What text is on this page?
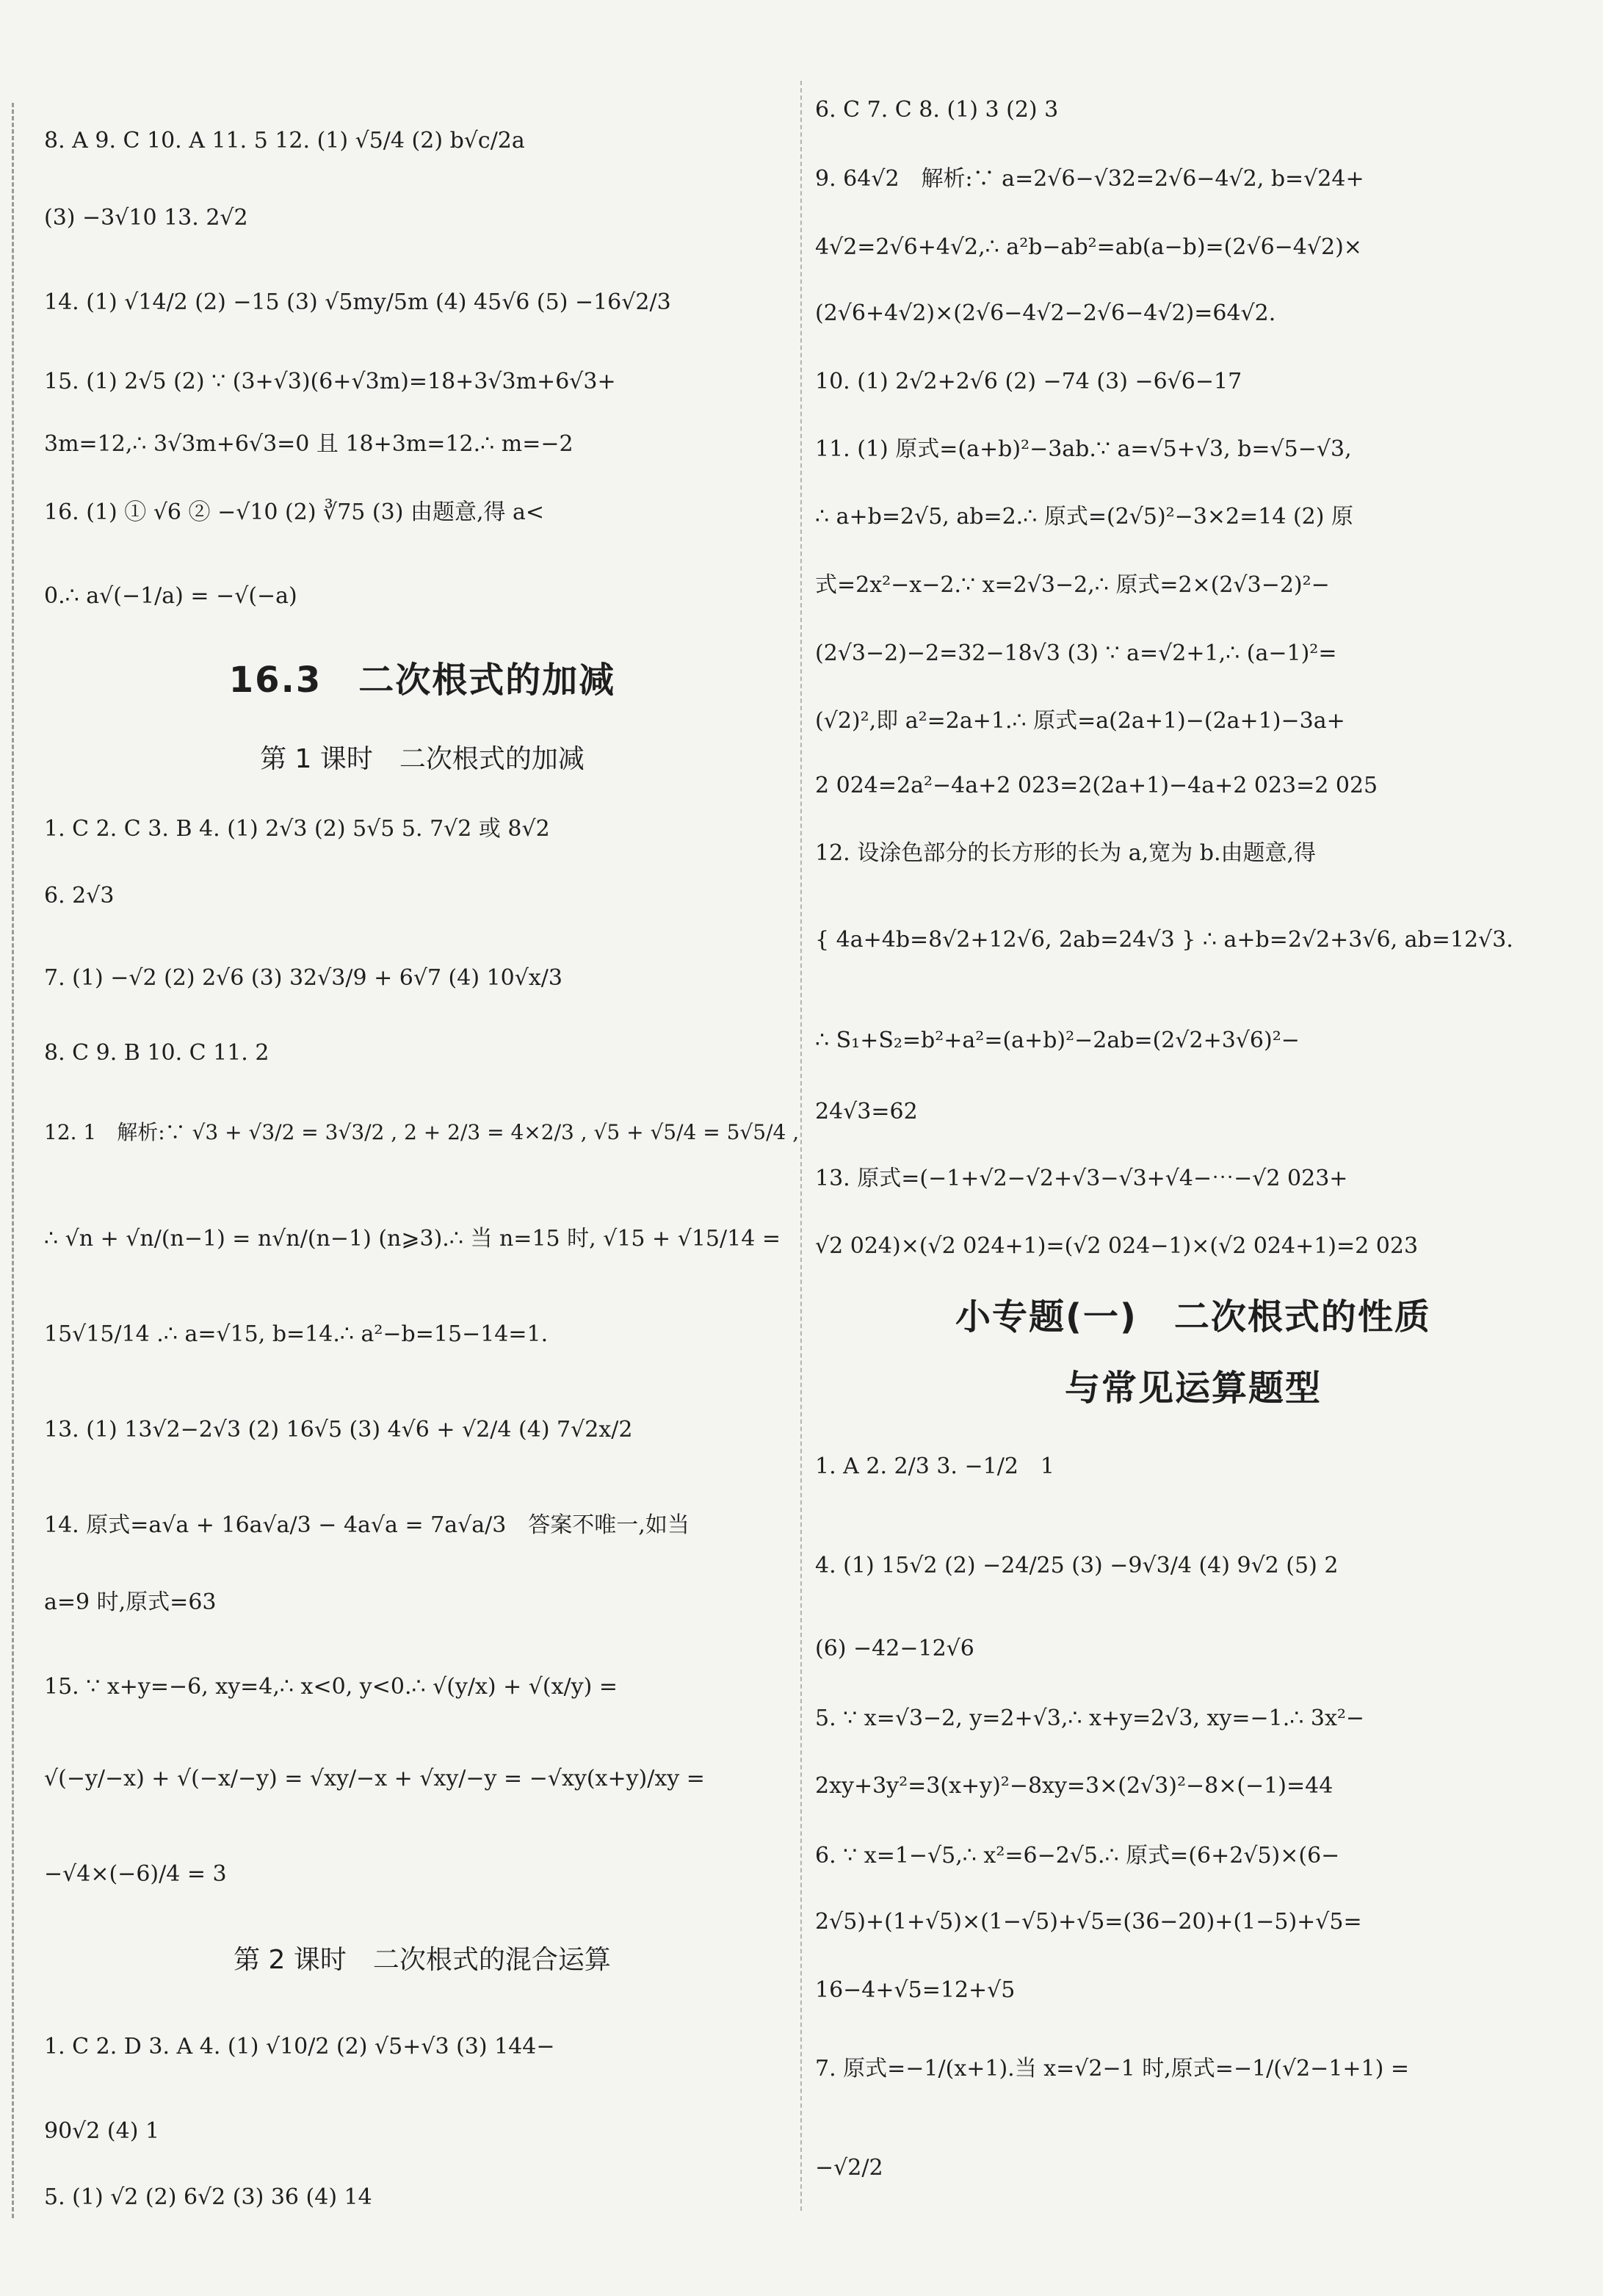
8. A 9. C 10. A 11. 5 12. (1) √5/4 (2) b√c/2a
(3) −3√10 13. 2√2
14. (1) √14/2 (2) −15 (3) √5my/5m (4) 45√6 (5) −16√2/3
15. (1) 2√5 (2) ∵ (3+√3)(6+√3m)=18+3√3m+6√3+
3m=12,∴ 3√3m+6√3=0 且 18+3m=12.∴ m=−2
16. (1) ① √6 ② −√10 (2) ∛75 (3) 由题意,得 a<
0.∴ a√(−1/a) = −√(−a)
16.3　二次根式的加减
第 1 课时　二次根式的加减
1. C 2. C 3. B 4. (1) 2√3 (2) 5√5 5. 7√2 或 8√2
6. 2√3
7. (1) −√2 (2) 2√6 (3) 32√3/9 + 6√7 (4) 10√x/3
8. C 9. B 10. C 11. 2
12. 1　解析:∵ √3 + √3/2 = 3√3/2 , 2 + 2/3 = 4×2/3 , √5 + √5/4 = 5√5/4 ,
∴ √n + √n/(n−1) = n√n/(n−1) (n⩾3).∴ 当 n=15 时, √15 + √15/14 =
15√15/14 .∴ a=√15, b=14.∴ a²−b=15−14=1.
13. (1) 13√2−2√3 (2) 16√5 (3) 4√6 + √2/4 (4) 7√2x/2
14. 原式=a√a + 16a√a/3 − 4a√a = 7a√a/3　答案不唯一,如当
a=9 时,原式=63
15. ∵ x+y=−6, xy=4,∴ x<0, y<0.∴ √(y/x) + √(x/y) =
√(−y/−x) + √(−x/−y) = √xy/−x + √xy/−y = −√xy(x+y)/xy =
−√4×(−6)/4 = 3
第 2 课时　二次根式的混合运算
1. C 2. D 3. A 4. (1) √10/2 (2) √5+√3 (3) 144−
90√2 (4) 1
5. (1) √2 (2) 6√2 (3) 36 (4) 14
6. C 7. C 8. (1) 3 (2) 3
9. 64√2　解析:∵ a=2√6−√32=2√6−4√2, b=√24+
4√2=2√6+4√2,∴ a²b−ab²=ab(a−b)=(2√6−4√2)×
(2√6+4√2)×(2√6−4√2−2√6−4√2)=64√2.
10. (1) 2√2+2√6 (2) −74 (3) −6√6−17
11. (1) 原式=(a+b)²−3ab.∵ a=√5+√3, b=√5−√3,
∴ a+b=2√5, ab=2.∴ 原式=(2√5)²−3×2=14 (2) 原
式=2x²−x−2.∵ x=2√3−2,∴ 原式=2×(2√3−2)²−
(2√3−2)−2=32−18√3 (3) ∵ a=√2+1,∴ (a−1)²=
(√2)²,即 a²=2a+1.∴ 原式=a(2a+1)−(2a+1)−3a+
2 024=2a²−4a+2 023=2(2a+1)−4a+2 023=2 025
12. 设涂色部分的长方形的长为 a,宽为 b.由题意,得
{ 4a+4b=8√2+12√6, 2ab=24√3 } ∴ a+b=2√2+3√6, ab=12√3.
∴ S₁+S₂=b²+a²=(a+b)²−2ab=(2√2+3√6)²−
24√3=62
13. 原式=(−1+√2−√2+√3−√3+√4−⋯−√2 023+
√2 024)×(√2 024+1)=(√2 024−1)×(√2 024+1)=2 023
小专题(一)　二次根式的性质
与常见运算题型
1. A 2. 2/3 3. −1/2　1
4. (1) 15√2 (2) −24/25 (3) −9√3/4 (4) 9√2 (5) 2
(6) −42−12√6
5. ∵ x=√3−2, y=2+√3,∴ x+y=2√3, xy=−1.∴ 3x²−
2xy+3y²=3(x+y)²−8xy=3×(2√3)²−8×(−1)=44
6. ∵ x=1−√5,∴ x²=6−2√5.∴ 原式=(6+2√5)×(6−
2√5)+(1+√5)×(1−√5)+√5=(36−20)+(1−5)+√5=
16−4+√5=12+√5
7. 原式=−1/(x+1).当 x=√2−1 时,原式=−1/(√2−1+1) =
−√2/2
